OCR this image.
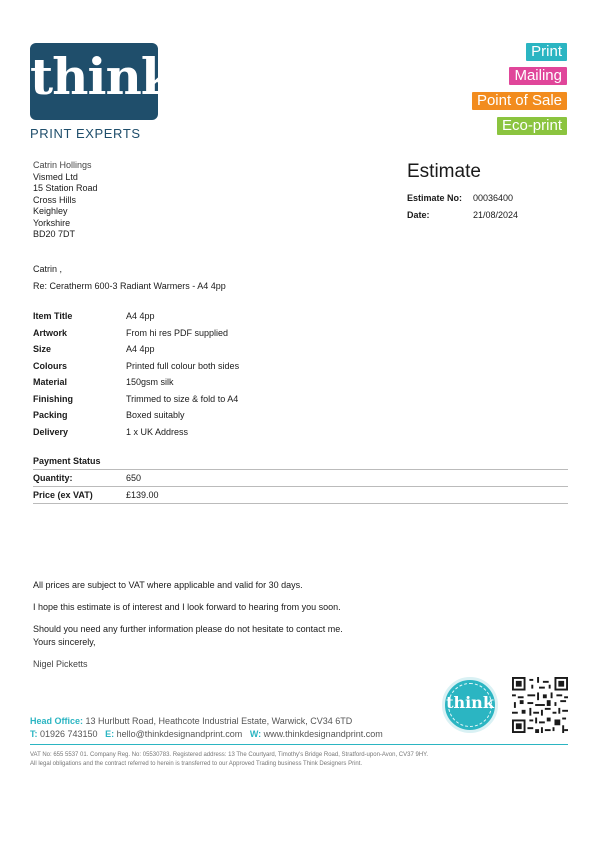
think
PRINT EXPERTS
Print
Mailing
Point of Sale
Eco-print
Catrin Hollings
Vismed Ltd
15 Station Road
Cross Hills
Keighley
Yorkshire
BD20 7DT
Estimate
Estimate No: 00036400
Date:	21/08/2024
Catrin ,
Re: Ceratherm 600-3 Radiant Warmers - A4 4pp
Item Title	A4 4pp
Artwork	From hi res PDF supplied
Size	A4 4pp
Colours	Printed full colour both sides
Material	150gsm silk
Finishing	Trimmed to size & fold to A4
Packing	Boxed suitably
Delivery	1 x UK Address
Payment Status
Quantity:	650
Price (ex VAT)	£139.00

All prices are subject to VAT where applicable and valid for 30 days.

I hope this estimate is of interest and I look forward to hearing from you soon.

Should you need any further information please do not hesitate to contact me.

Yours sincerely,

Nigel Picketts

think
Head Office: 13 Hurlbutt Road, Heathcote Industrial Estate, Warwick, CV34 6TD
T: 01926 743150 E: hello@thinkdesignandprint.com W: www.thinkdesignandprint.com
VAT No: 655 5537 01. Company Reg. No: 05530783. Registered address: 13 The Courtyard, Timothy's Bridge Road, Stratford-upon-Avon, CV37 9HY.
All legal obligations and the contract referred to herein is transferred to our Approved Trading business Think Designers Print.
